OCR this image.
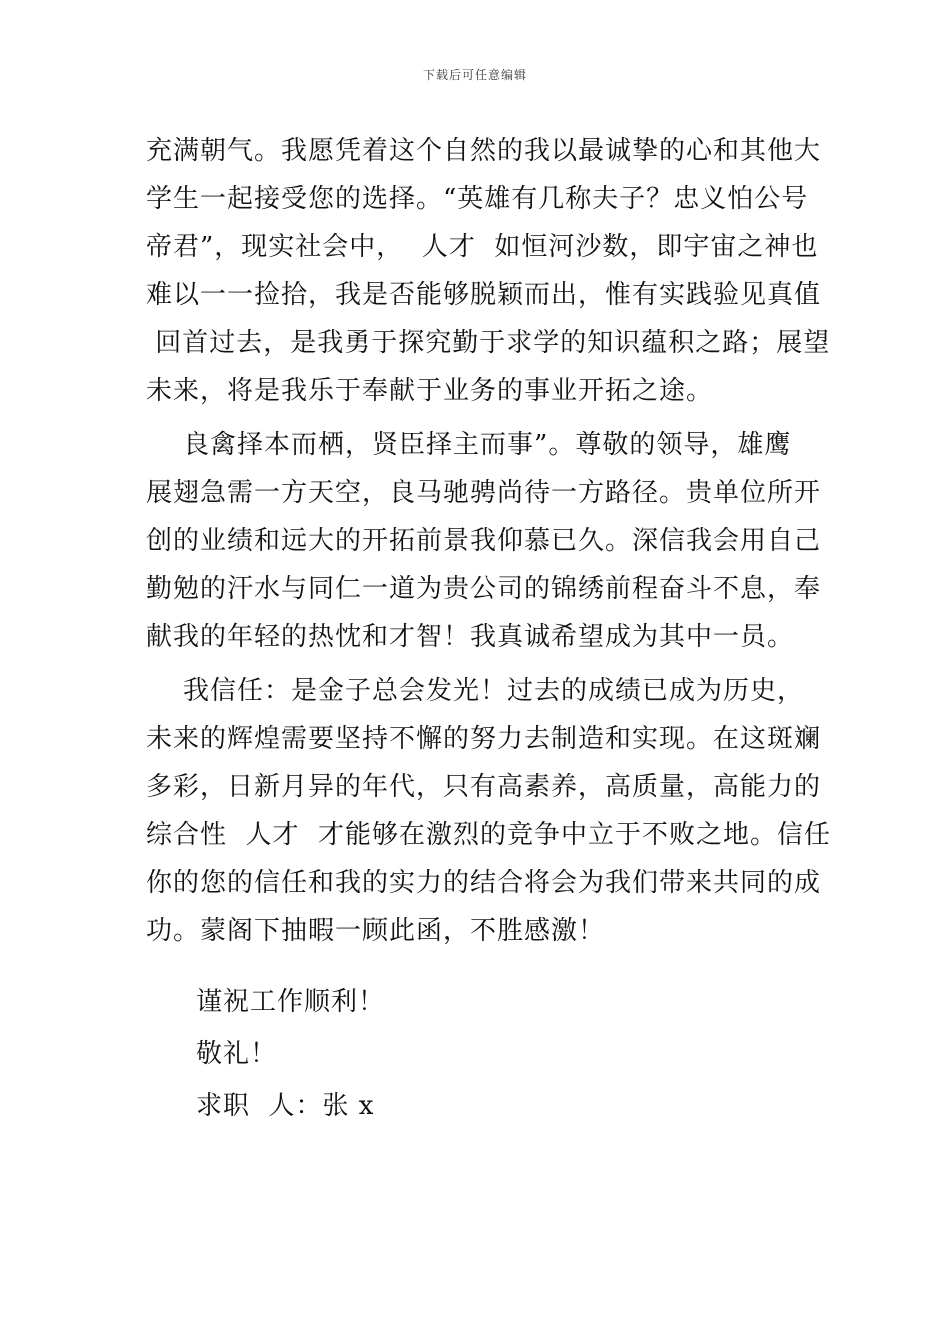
下载后可任意编辑
充满朝气。我愿凭着这个自然的我以最诚挚的心和其他大
学生一起接受您的选择。“英雄有几称夫子？忠义怕公号
帝君”，现实社会中，  人才  如恒河沙数，即宇宙之神也
难以一一捡拾，我是否能够脱颖而出，惟有实践验见真值
回首过去，是我勇于探究勤于求学的知识蕴积之路；展望
未来，将是我乐于奉献于业务的事业开拓之途。
良禽择本而栖，贤臣择主而事”。尊敬的领导，雄鹰
展翅急需一方天空，良马驰骋尚待一方路径。贵单位所开
创的业绩和远大的开拓前景我仰慕已久。深信我会用自己
勤勉的汗水与同仁一道为贵公司的锦绣前程奋斗不息，奉
献我的年轻的热忱和才智！我真诚希望成为其中一员。
我信任：是金子总会发光！过去的成绩已成为历史，
未来的辉煌需要坚持不懈的努力去制造和实现。在这斑斓
多彩，日新月异的年代，只有高素养，高质量，高能力的
综合性  人才  才能够在激烈的竞争中立于不败之地。信任
你的您的信任和我的实力的结合将会为我们带来共同的成
功。蒙阁下抽暇一顾此函，不胜感激！
谨祝工作顺利！
敬礼！
求职  人：张 x
